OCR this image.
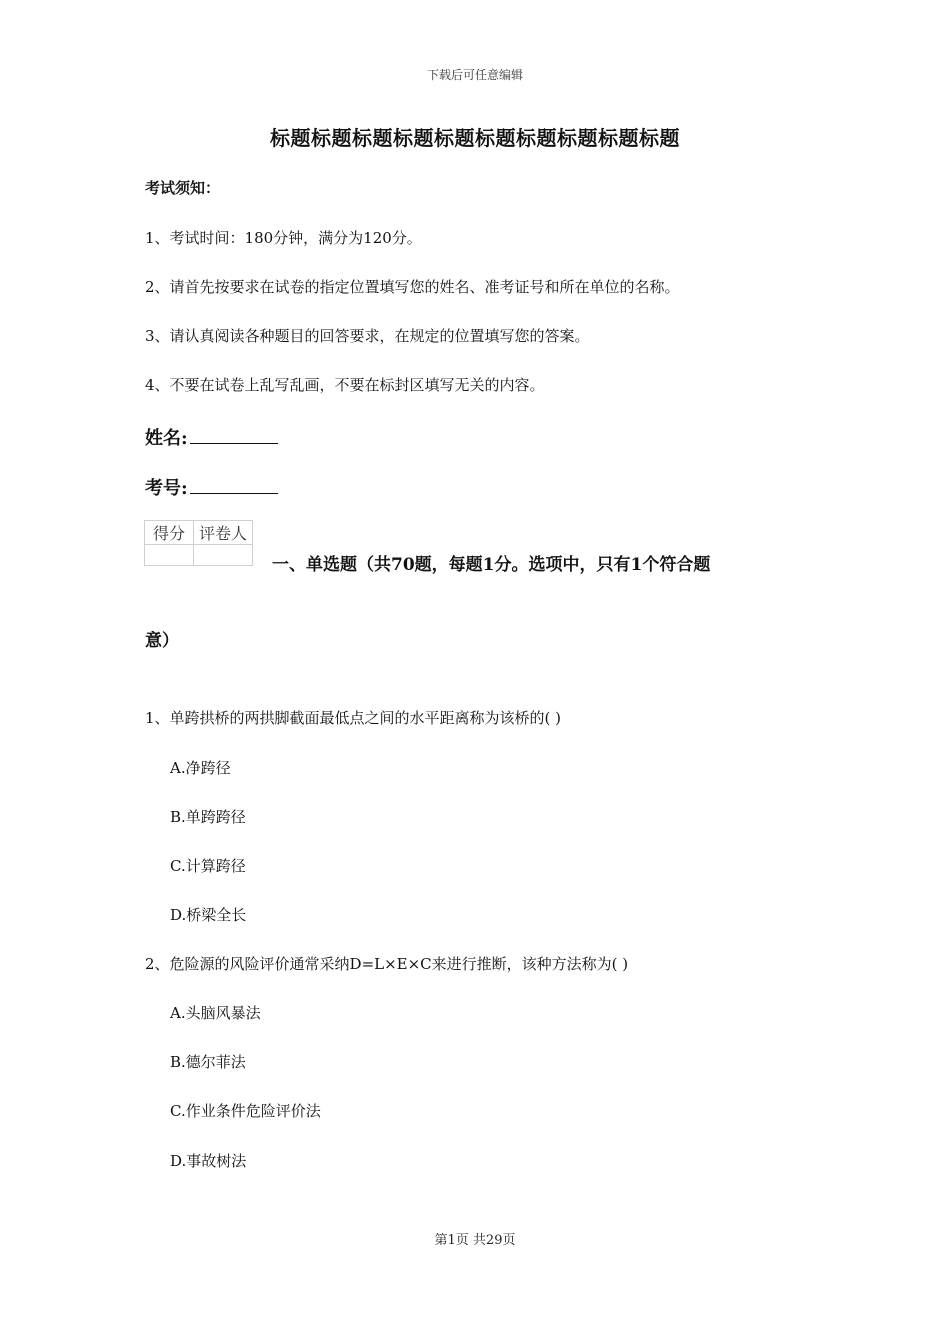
下载后可任意编辑
标题标题标题标题标题标题标题标题标题标题
考试须知：
1、考试时间：180分钟，满分为120分。
2、请首先按要求在试卷的指定位置填写您的姓名、准考证号和所在单位的名称。
3、请认真阅读各种题目的回答要求，在规定的位置填写您的答案。
4、不要在试卷上乱写乱画，不要在标封区填写无关的内容。
姓名:
考号:
得分	评卷人

一、单选题（共70题，每题1分。选项中，只有1个符合题
意）
1、单跨拱桥的两拱脚截面最低点之间的水平距离称为该桥的( )
A.净跨径
B.单跨跨径
C.计算跨径
D.桥梁全长
2、危险源的风险评价通常采纳D=L×E×C来进行推断，该种方法称为( )
A.头脑风暴法
B.德尔菲法
C.作业条件危险评价法
D.事故树法
第1页 共29页
